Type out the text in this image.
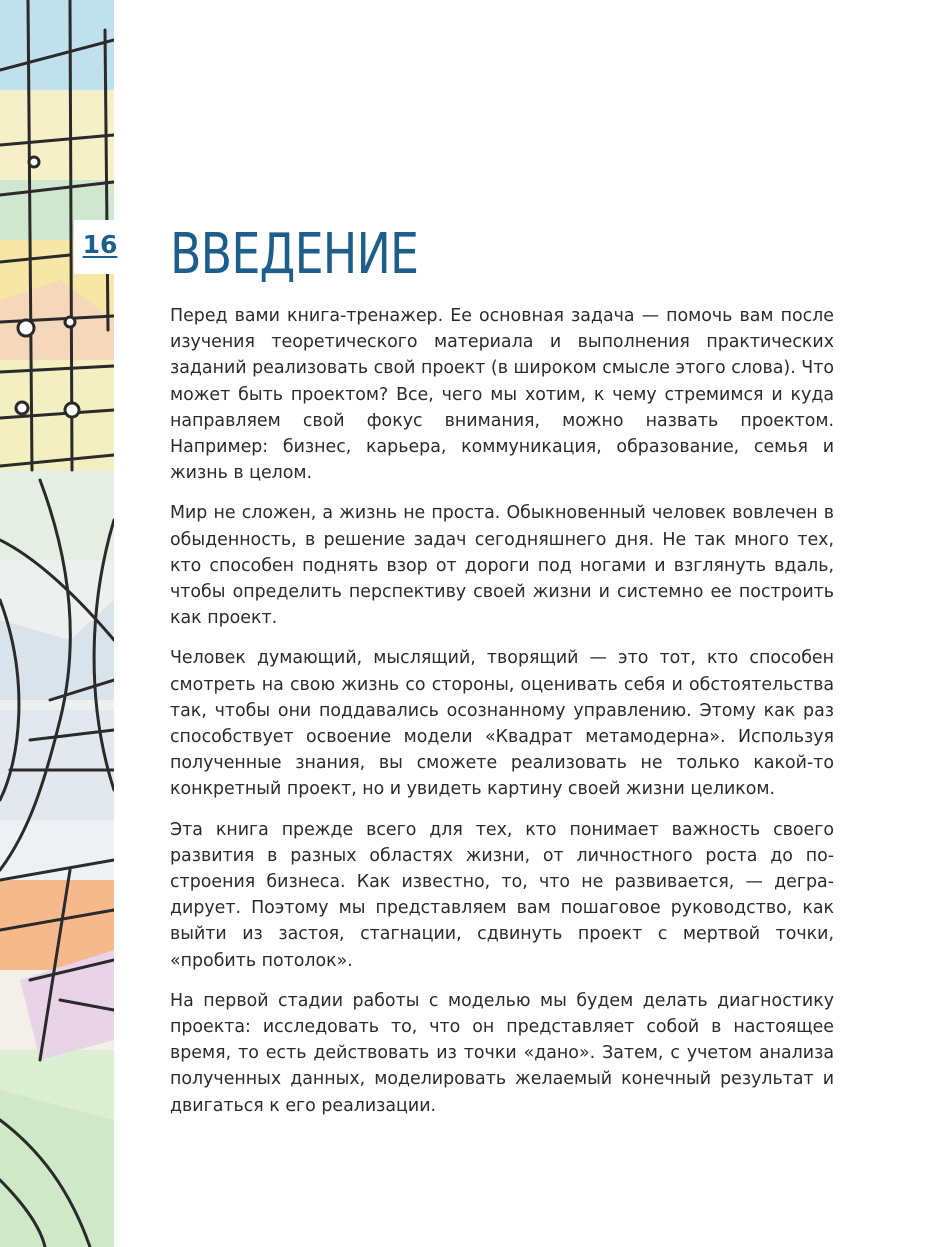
16 ВВЕДЕНИЕ

Перед вами книга-тренажер. Ее основная задача — помочь вам после изучения теоретического материала и выполнения практических заданий реализовать свой проект (в широком смысле этого слова). Что может быть проектом? Все, чего мы хотим, к чему стремимся и куда направляем свой фокус внимания, можно назвать проектом. Например: бизнес, карьера, коммуникация, образование, семья и жизнь в целом.

Мир не сложен, а жизнь не проста. Обыкновенный человек вовлечен в обыденность, в решение задач сегодняшнего дня. Не так много тех, кто способен поднять взор от дороги под ногами и взглянуть вдаль, чтобы определить перспективу своей жизни и системно ее построить как проект.

Человек думающий, мыслящий, творящий — это тот, кто способен смотреть на свою жизнь со стороны, оценивать себя и обстоятельства так, чтобы они поддавались осознанному управлению. Этому как раз способствует освоение модели «Квадрат метамодерна». Используя полученные знания, вы сможете реализовать не только какой-то конкретный проект, но и увидеть картину своей жизни целиком.

Эта книга прежде всего для тех, кто понимает важность своего развития в разных областях жизни, от личностного роста до построения бизнеса. Как известно, то, что не развивается, — деградирует. Поэтому мы представляем вам пошаговое руководство, как выйти из застоя, стагнации, сдвинуть проект с мертвой точки, «пробить потолок».

На первой стадии работы с моделью мы будем делать диагностику проекта: исследовать то, что он представляет собой в настоящее время, то есть действовать из точки «дано». Затем, с учетом анализа полученных данных, моделировать желаемый конечный результат и двигаться к его реализации.
